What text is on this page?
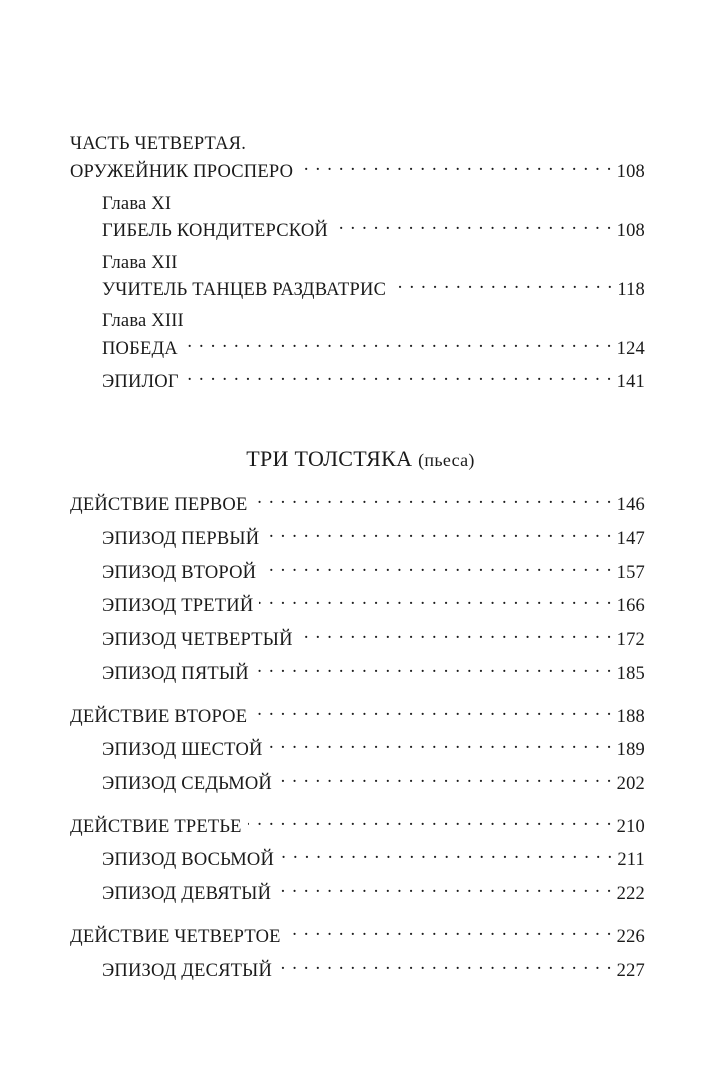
ЧАСТЬ ЧЕТВЕРТАЯ.
ОРУЖЕЙНИК ПРОСПЕРО . . .	108
Глава XI
ГИБЕЛЬ КОНДИТЕРСКОЙ . . .	108
Глава XII
УЧИТЕЛЬ ТАНЦЕВ РАЗДВАТРИС . . .	118
Глава XIII
ПОБЕДА . . .	124
ЭПИЛОГ . . .	141
ТРИ ТОЛСТЯКА (пьеса)
ДЕЙСТВИЕ ПЕРВОЕ . . .	146
ЭПИЗОД ПЕРВЫЙ . . .	147
ЭПИЗОД ВТОРОЙ . . .	157
ЭПИЗОД ТРЕТИЙ . . .	166
ЭПИЗОД ЧЕТВЕРТЫЙ . . .	172
ЭПИЗОД ПЯТЫЙ . . .	185
ДЕЙСТВИЕ ВТОРОЕ . . .	188
ЭПИЗОД ШЕСТОЙ . . .	189
ЭПИЗОД СЕДЬМОЙ . . .	202
ДЕЙСТВИЕ ТРЕТЬЕ . . .	210
ЭПИЗОД ВОСЬМОЙ . . .	211
ЭПИЗОД ДЕВЯТЫЙ . . .	222
ДЕЙСТВИЕ ЧЕТВЕРТОЕ . . .	226
ЭПИЗОД ДЕСЯТЫЙ . . .	227
